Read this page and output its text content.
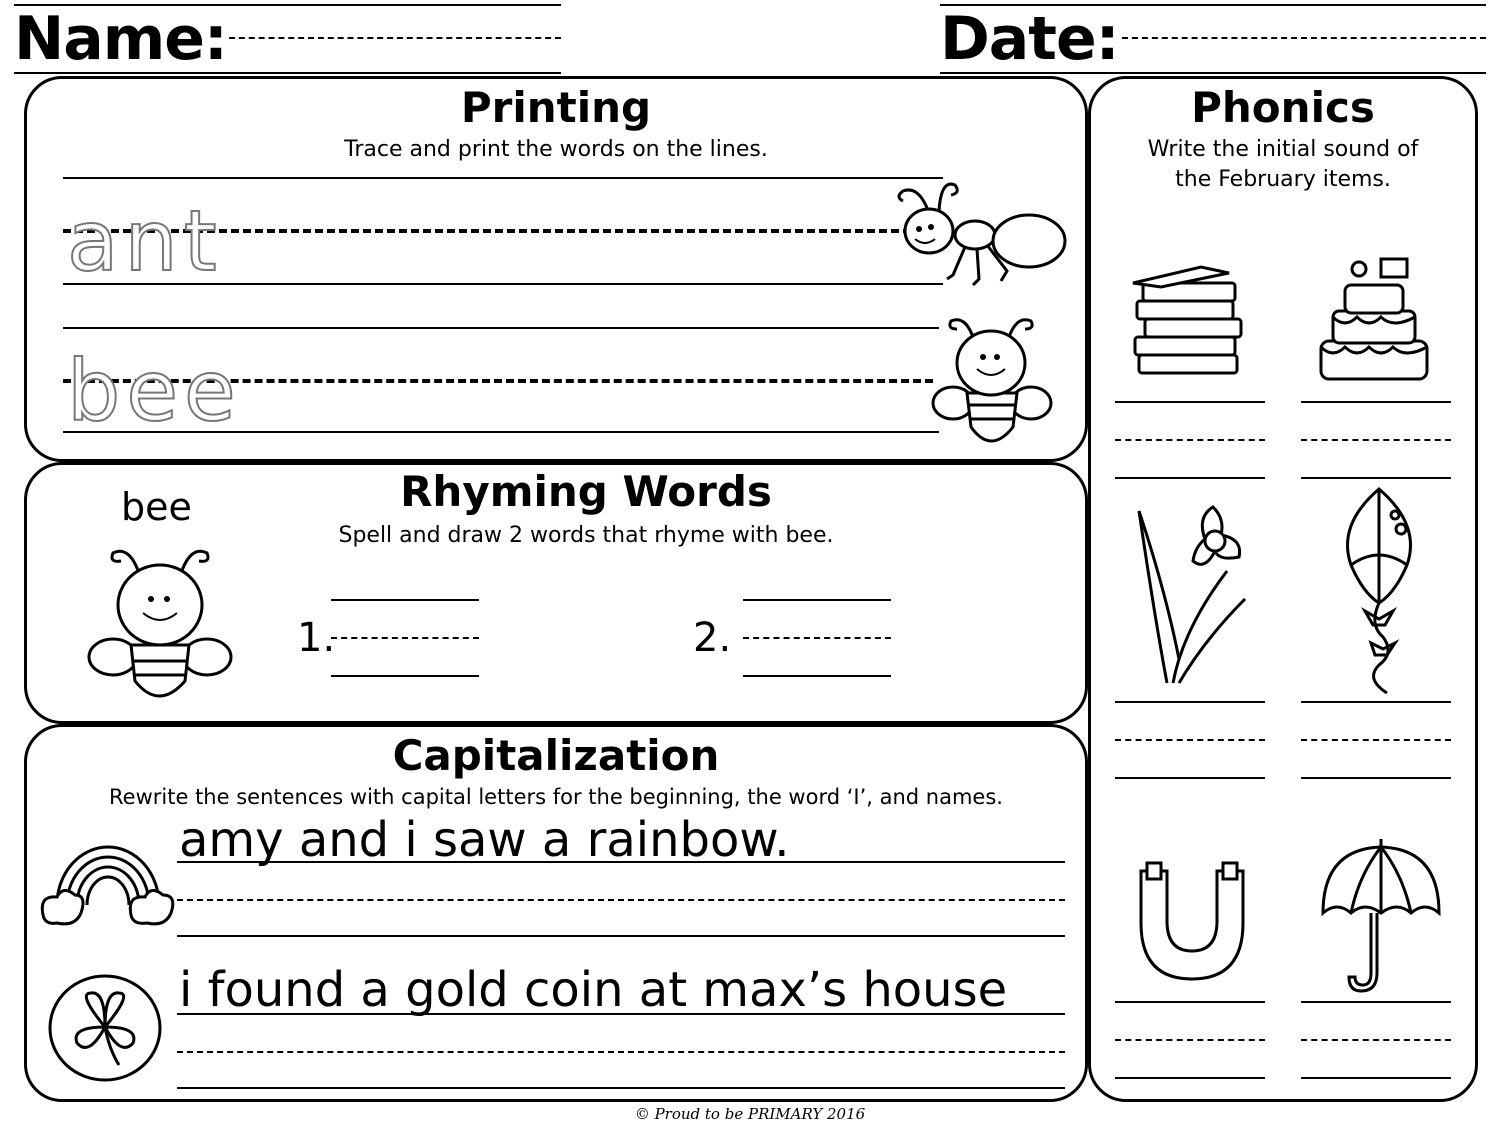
Name:	Date:
Printing
Trace and print the words on the lines.
ant
bee
Rhyming Words
Spell and draw 2 words that rhyme with bee.
bee
1.	2.
Capitalization
Rewrite the sentences with capital letters for the beginning, the word ‘I’, and names.
amy and i saw a rainbow.
i found a gold coin at max’s house
Phonics
Write the initial sound of
the February items.
© Proud to be PRIMARY 2016
